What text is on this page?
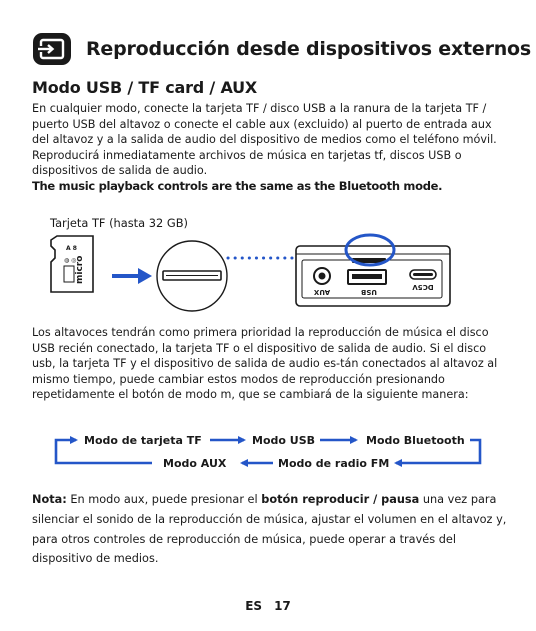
Reproducción desde dispositivos externos
Modo USB / TF card / AUX
En cualquier modo, conecte la tarjeta TF / disco USB a la ranura de la tarjeta TF / puerto USB del altavoz o conecte el cable aux (excluido) al puerto de entrada aux del altavoz y a la salida de audio del dispositivo de medios como el teléfono móvil. Reproducirá inmediatamente archivos de música en tarjetas tf, discos USB o dispositivos de salida de audio.
The music playback controls are the same as the Bluetooth mode.
Tarjeta TF (hasta 32 GB)
A 8
◍ ◎
micro
AUX	USB
DC5V
Los altavoces tendrán como primera prioridad la reproducción de música el disco USB recién conectado, la tarjeta TF o el dispositivo de salida de audio. Si el disco usb, la tarjeta TF y el dispositivo de salida de audio es-tán conectados al altavoz al mismo tiempo, puede cambiar estos modos de reproducción presionando repetidamente el botón de modo m, que se cambiará de la siguiente manera:
Modo de tarjeta TF	Modo USB	Modo Bluetooth
Modo de radio FM
Modo AUX
Nota: En modo aux, puede presionar el botón reproducir / pausa una vez para silenciar el sonido de la reproducción de música, ajustar el volumen en el altavoz y, para otros controles de reproducción de música, puede operar a través del dispositivo de medios.
ES 17
